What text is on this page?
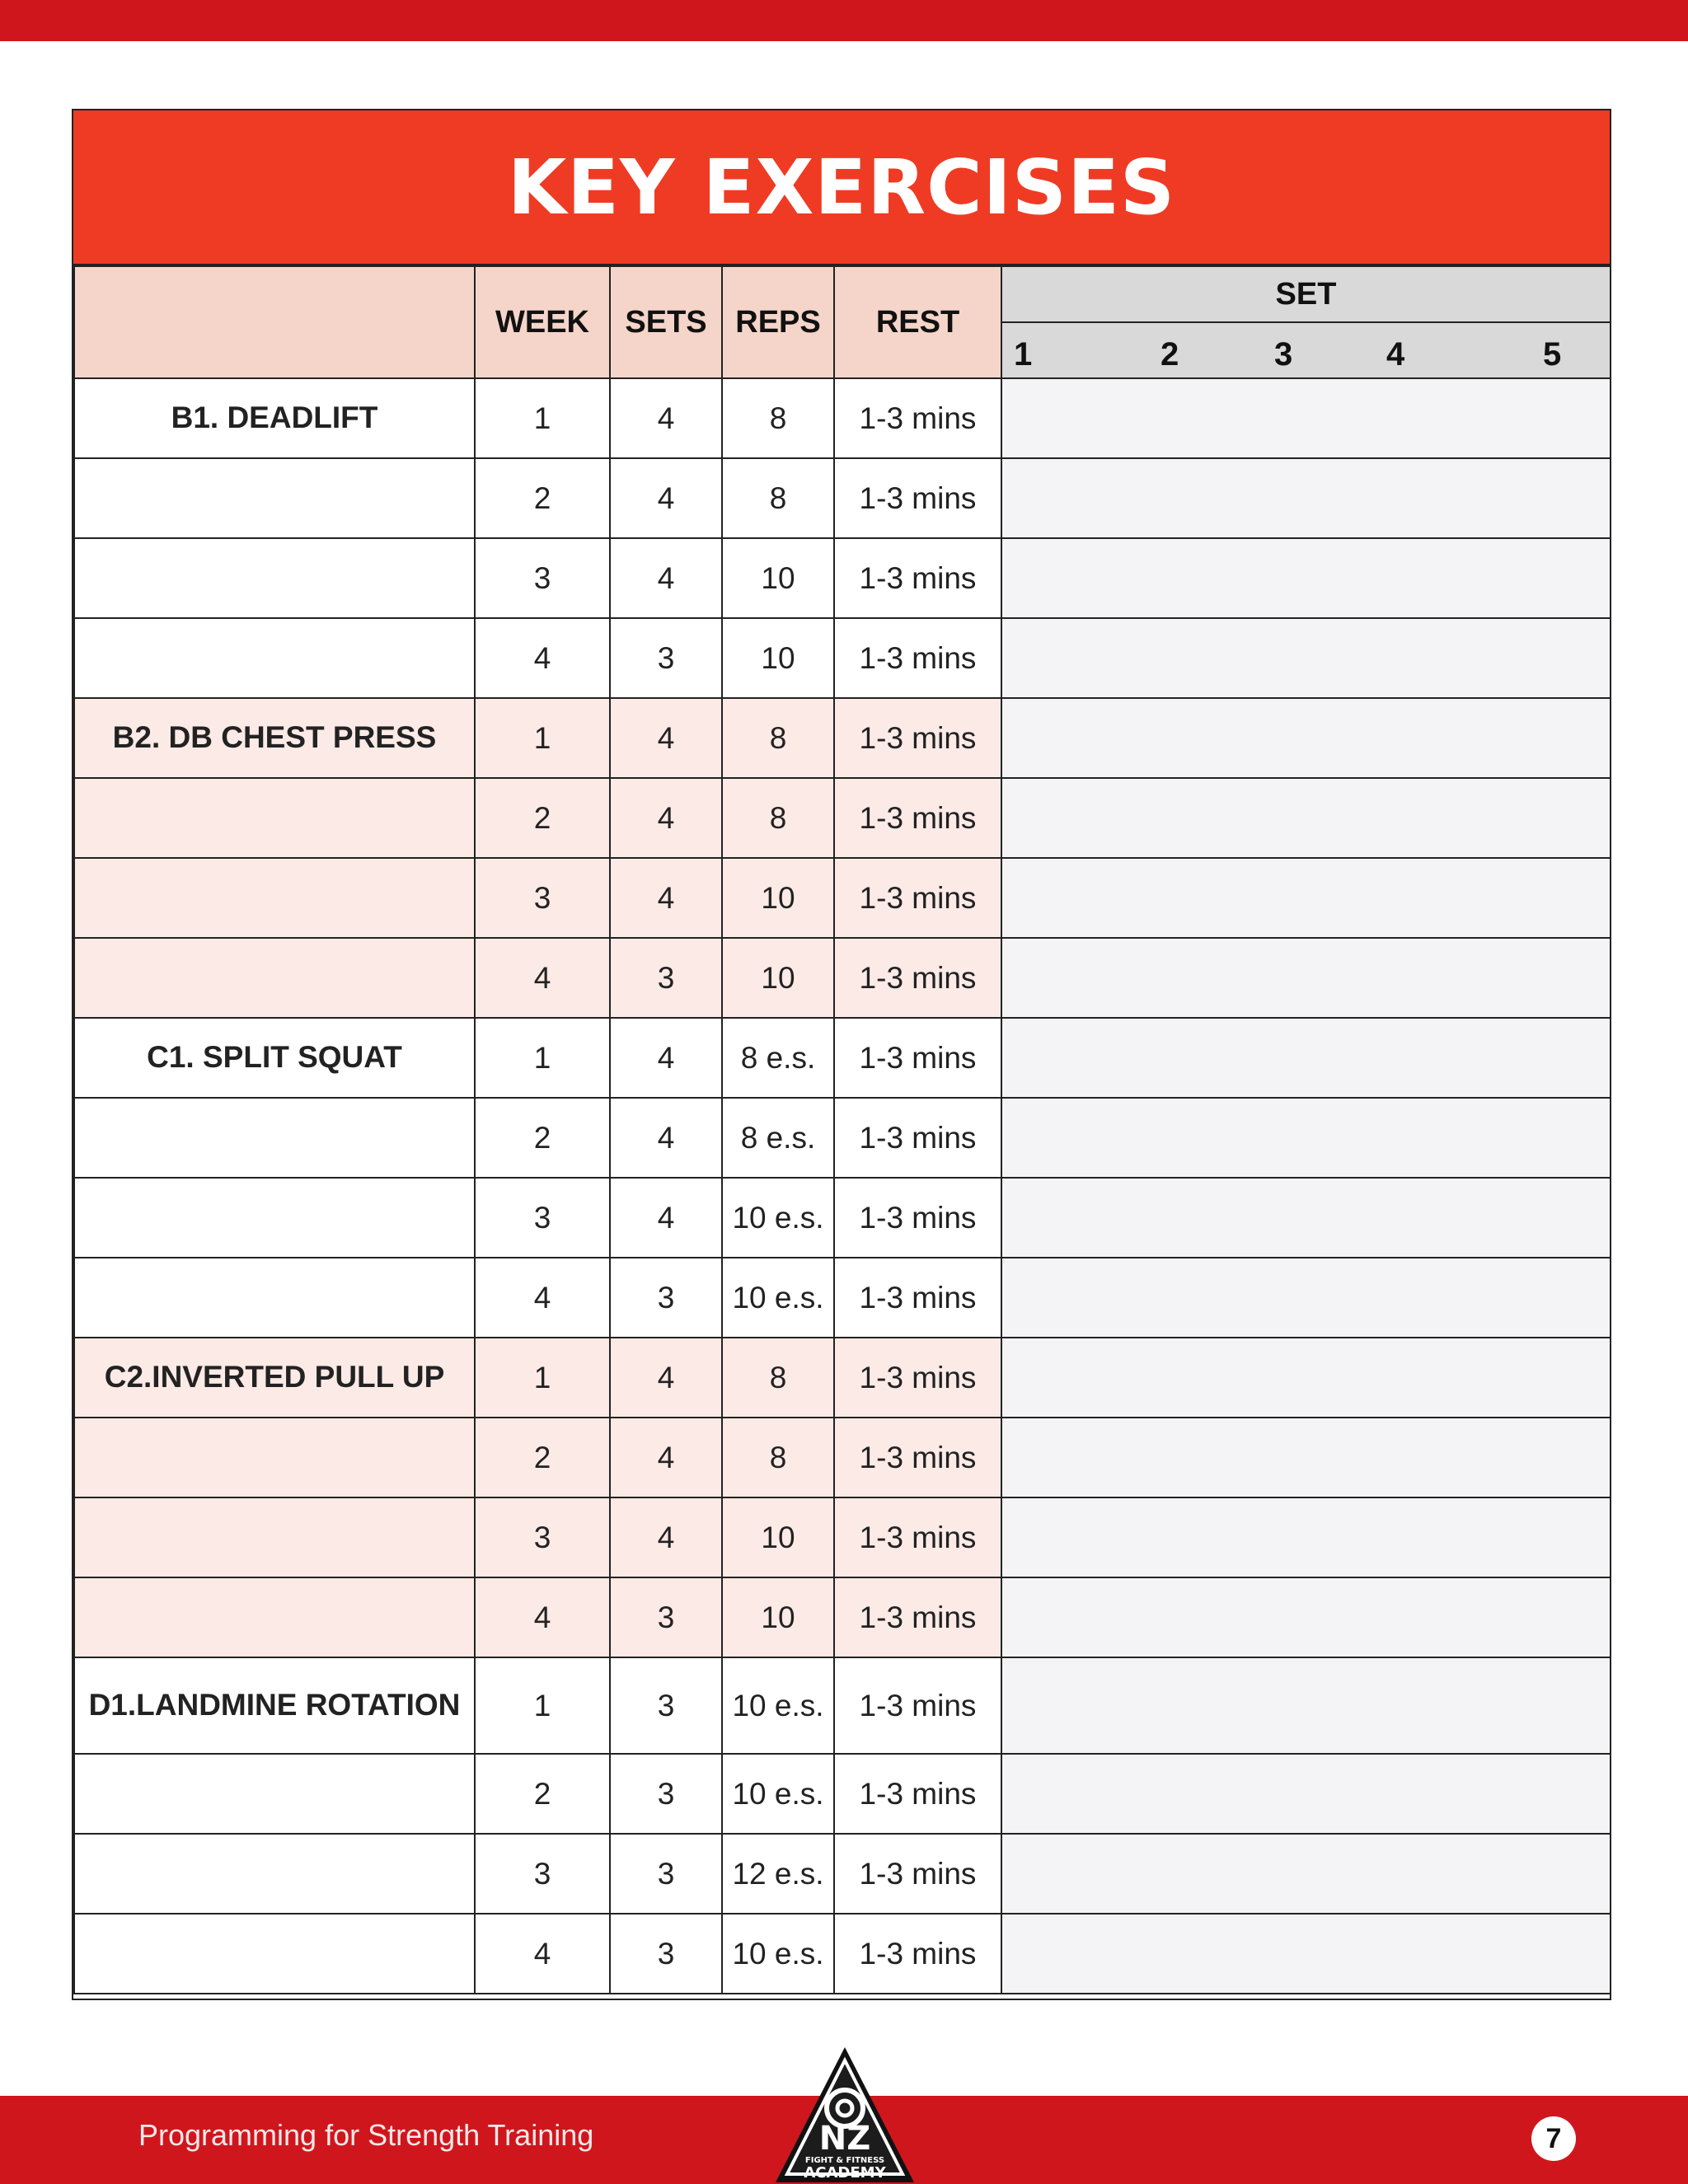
KEY EXERCISES
	WEEK	SETS	REPS	REST	SET

					1 2 3 4 5

B1. DEADLIFT	1	4	8	1-3 mins	
	2	4	8	1-3 mins	
	3	4	10	1-3 mins	
	4	3	10	1-3 mins	
B2. DB CHEST PRESS	1	4	8	1-3 mins	
	2	4	8	1-3 mins	
	3	4	10	1-3 mins	
	4	3	10	1-3 mins	
C1. SPLIT SQUAT	1	4	8 e.s.	1-3 mins	
	2	4	8 e.s.	1-3 mins	
	3	4	10 e.s.	1-3 mins	
	4	3	10 e.s.	1-3 mins	
C2.INVERTED PULL UP	1	4	8	1-3 mins	
	2	4	8	1-3 mins	
	3	4	10	1-3 mins	
	4	3	10	1-3 mins	
D1.LANDMINE ROTATION	1	3	10 e.s.	1-3 mins	
	2	3	10 e.s.	1-3 mins	
	3	3	12 e.s.	1-3 mins	
	4	3	10 e.s.	1-3 mins	
NZ
FIGHT & FITNESS
ACADEMY
Programming for Strength Training	7
